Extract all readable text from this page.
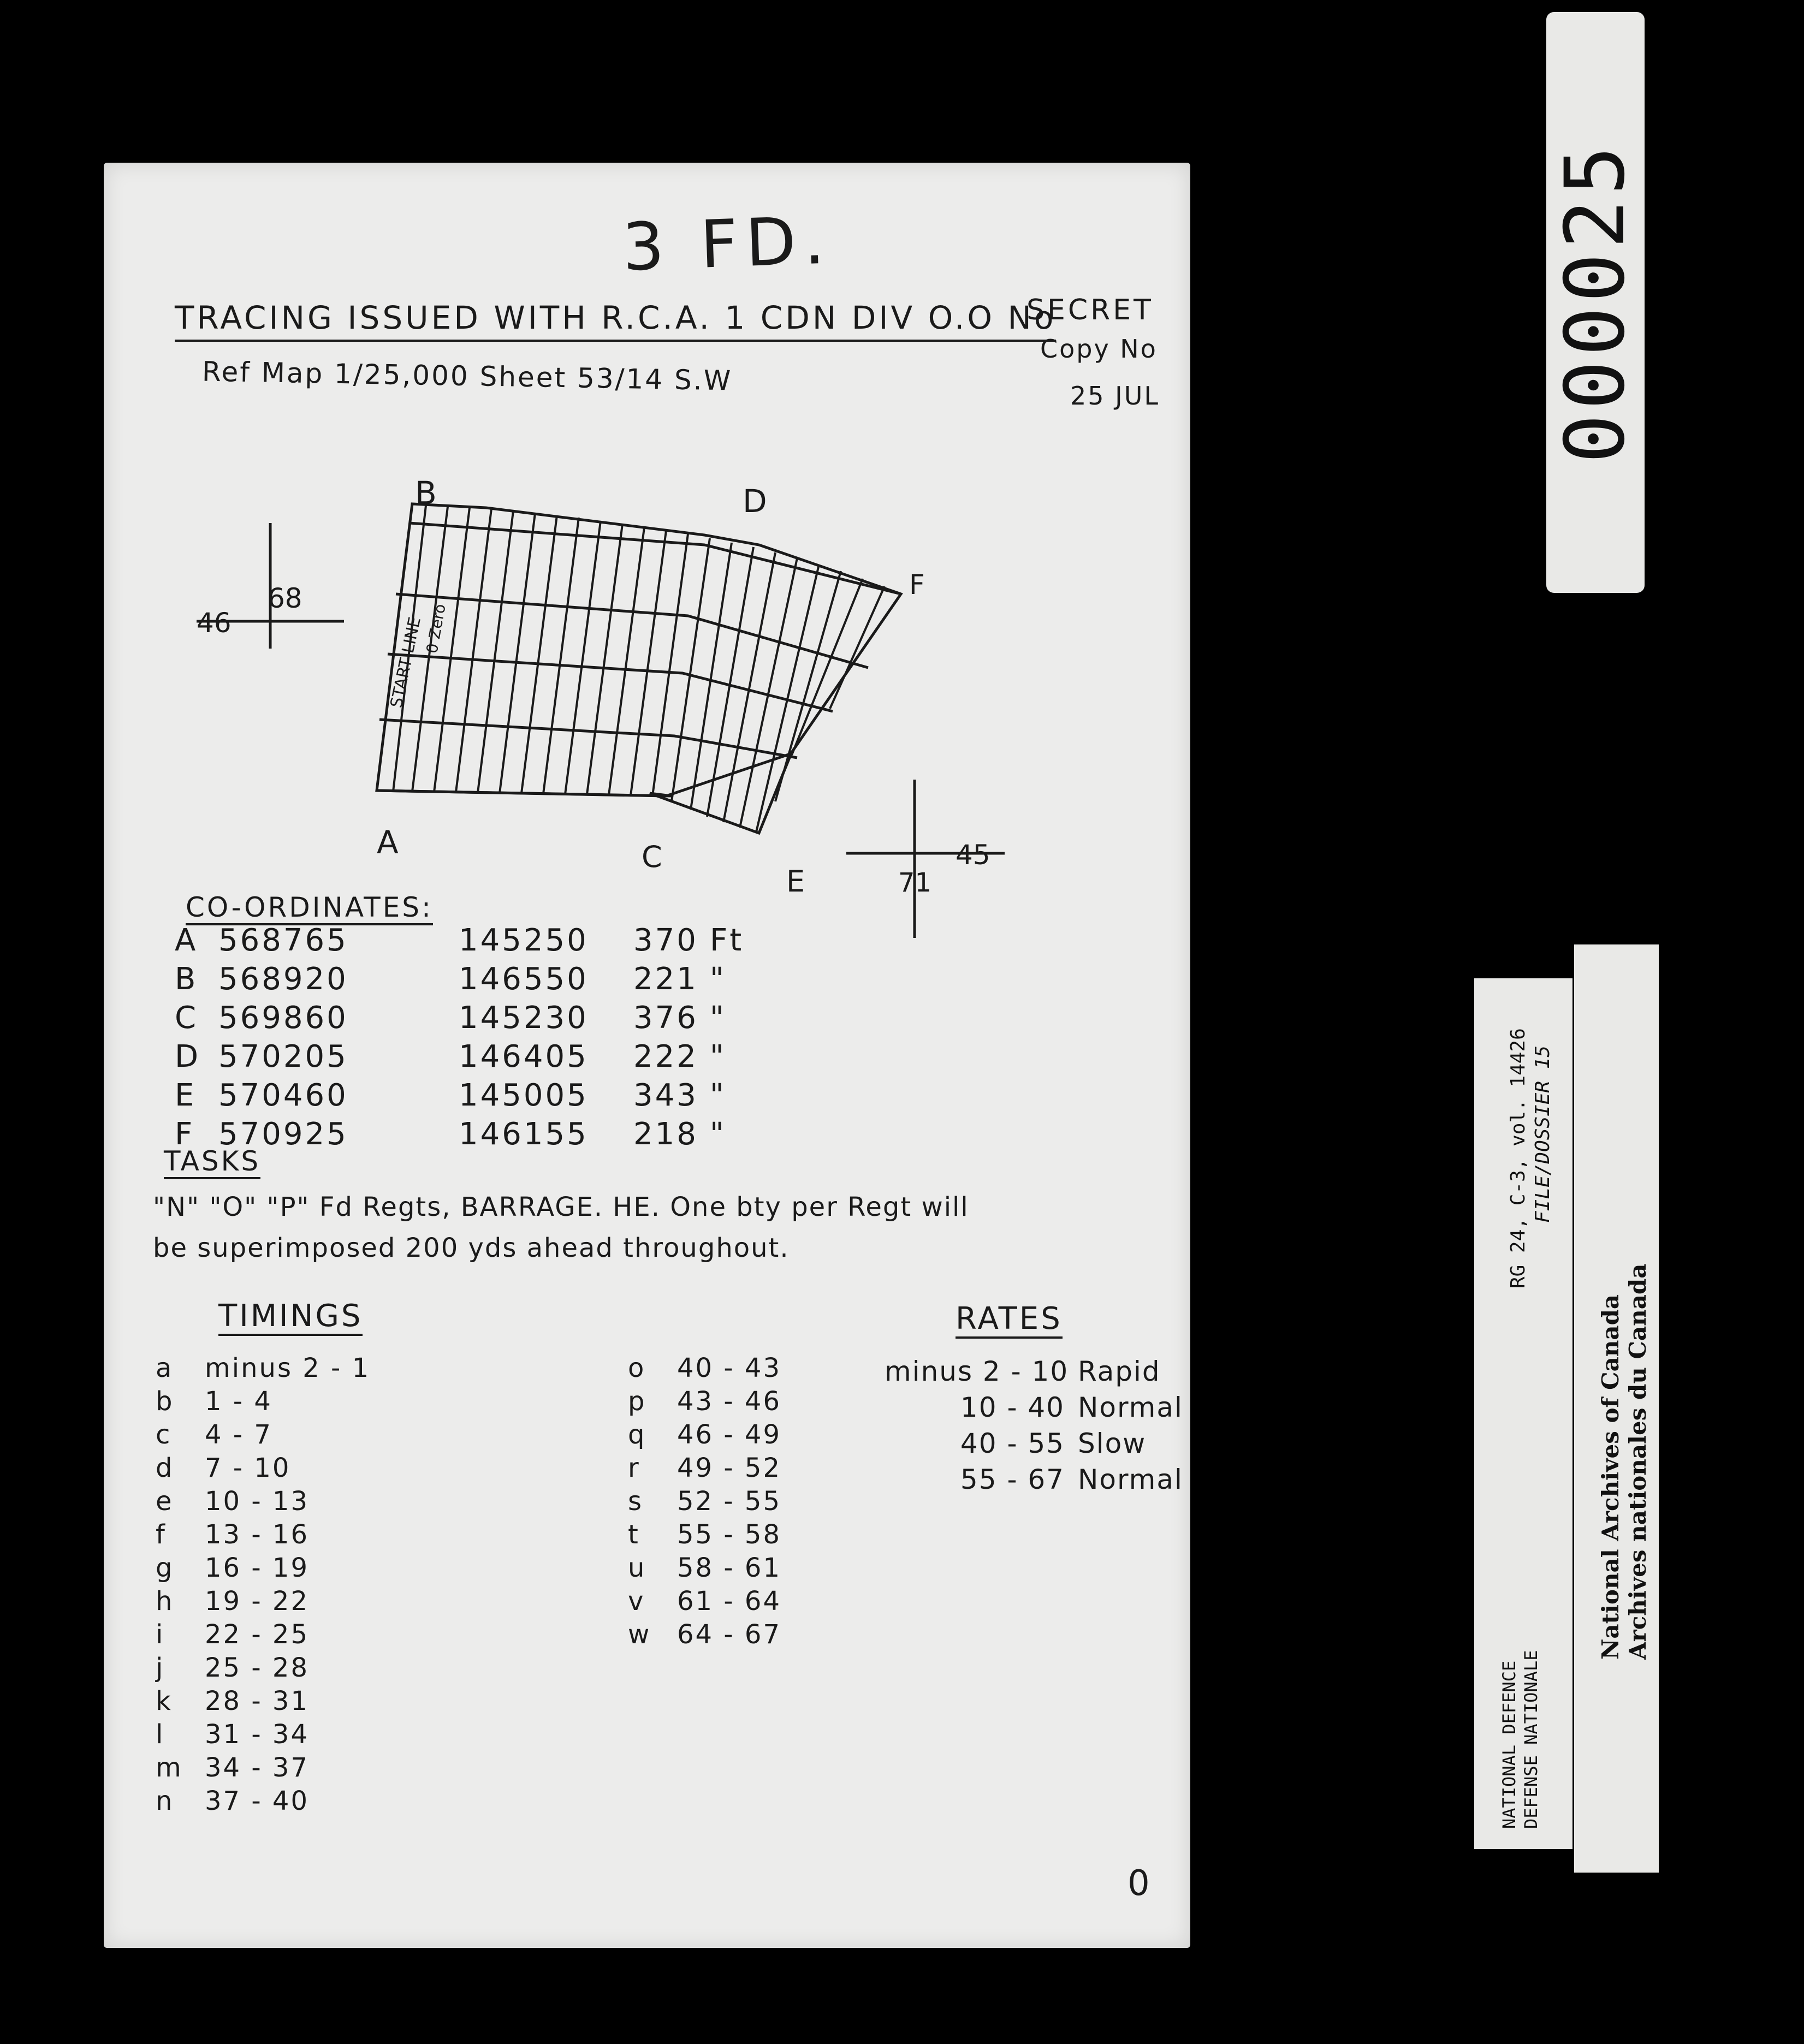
3 FD.
TRACING ISSUED WITH R.C.A. 1 CDN DIV O.O No
Ref Map 1/25,000 Sheet 53/14 S.W
SECRET
Copy No
25 JUL
B	D
F
A	C
E
68
46
71
45
START LINE
0 Zero
CO-ORDINATES:
A	568765	145250	370	Ft
B	568920	146550	221	"
C	569860	145230	376	"
D	570205	146405	222	"
E	570460	145005	343	"
F	570925	146155	218	"
TASKS
"N" "O" "P" Fd Regts, BARRAGE. HE. One bty per Regt will
be superimposed 200 yds ahead throughout.
TIMINGS	RATES
a minus 2 - 1
b 1 - 4
c 4 - 7
d 7 - 10
e 10 - 13
f 13 - 16
g 16 - 19
h 19 - 22
i 22 - 25
j 25 - 28
k 28 - 31
l 31 - 34
m 34 - 37
n 37 - 40
o 40 - 43
p 43 - 46
q 46 - 49
r 49 - 52
s 52 - 55
t 55 - 58
u 58 - 61
v 61 - 64
w 64 - 67
minus 2 - 10 Rapid
10 - 40 Normal
40 - 55 Slow
55 - 67 Normal
0
000025
RG 24, C-3, vol. 14426 FILE/DOSSIER 15
NATIONAL DEFENCE DEFENSE NATIONALE
National Archives of Canada Archives nationales du Canada
